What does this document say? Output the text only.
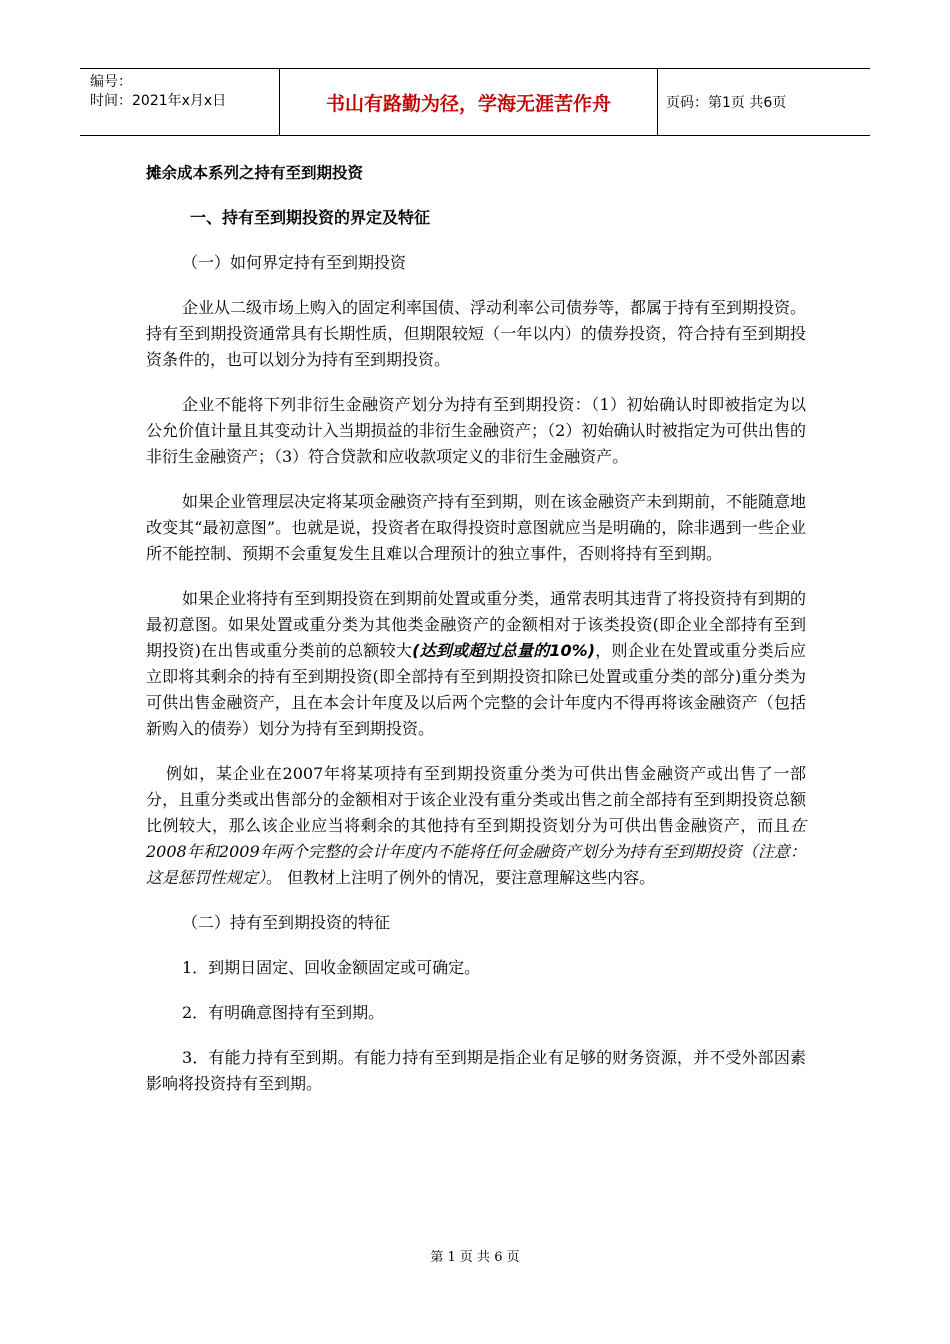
编号：
时间：2021年x月x日	书山有路勤为径，学海无涯苦作舟	页码：第1页 共6页

摊余成本系列之持有至到期投资

一、持有至到期投资的界定及特征

（一）如何界定持有至到期投资

企业从二级市场上购入的固定利率国债、浮动利率公司债券等，都属于持有至到期投资。持有至到期投资通常具有长期性质，但期限较短（一年以内）的债券投资，符合持有至到期投资条件的，也可以划分为持有至到期投资。

企业不能将下列非衍生金融资产划分为持有至到期投资：（1）初始确认时即被指定为以公允价值计量且其变动计入当期损益的非衍生金融资产；（2）初始确认时被指定为可供出售的非衍生金融资产；（3）符合贷款和应收款项定义的非衍生金融资产。

如果企业管理层决定将某项金融资产持有至到期，则在该金融资产未到期前，不能随意地改变其“最初意图”。也就是说，投资者在取得投资时意图就应当是明确的，除非遇到一些企业所不能控制、预期不会重复发生且难以合理预计的独立事件，否则将持有至到期。

如果企业将持有至到期投资在到期前处置或重分类，通常表明其违背了将投资持有到期的最初意图。如果处置或重分类为其他类金融资产的金额相对于该类投资(即企业全部持有至到期投资)在出售或重分类前的总额较大(达到或超过总量的10%)，则企业在处置或重分类后应立即将其剩余的持有至到期投资(即全部持有至到期投资扣除已处置或重分类的部分)重分类为可供出售金融资产，且在本会计年度及以后两个完整的会计年度内不得再将该金融资产（包括新购入的债券）划分为持有至到期投资。

例如，某企业在2007年将某项持有至到期投资重分类为可供出售金融资产或出售了一部分，且重分类或出售部分的金额相对于该企业没有重分类或出售之前全部持有至到期投资总额比例较大，那么该企业应当将剩余的其他持有至到期投资划分为可供出售金融资产，而且在2008年和2009年两个完整的会计年度内不能将任何金融资产划分为持有至到期投资（注意：这是惩罚性规定）。 但教材上注明了例外的情况，要注意理解这些内容。

（二）持有至到期投资的特征

1．到期日固定、回收金额固定或可确定。

2．有明确意图持有至到期。

3．有能力持有至到期。有能力持有至到期是指企业有足够的财务资源，并不受外部因素影响将投资持有至到期。

第 1 页 共 6 页
